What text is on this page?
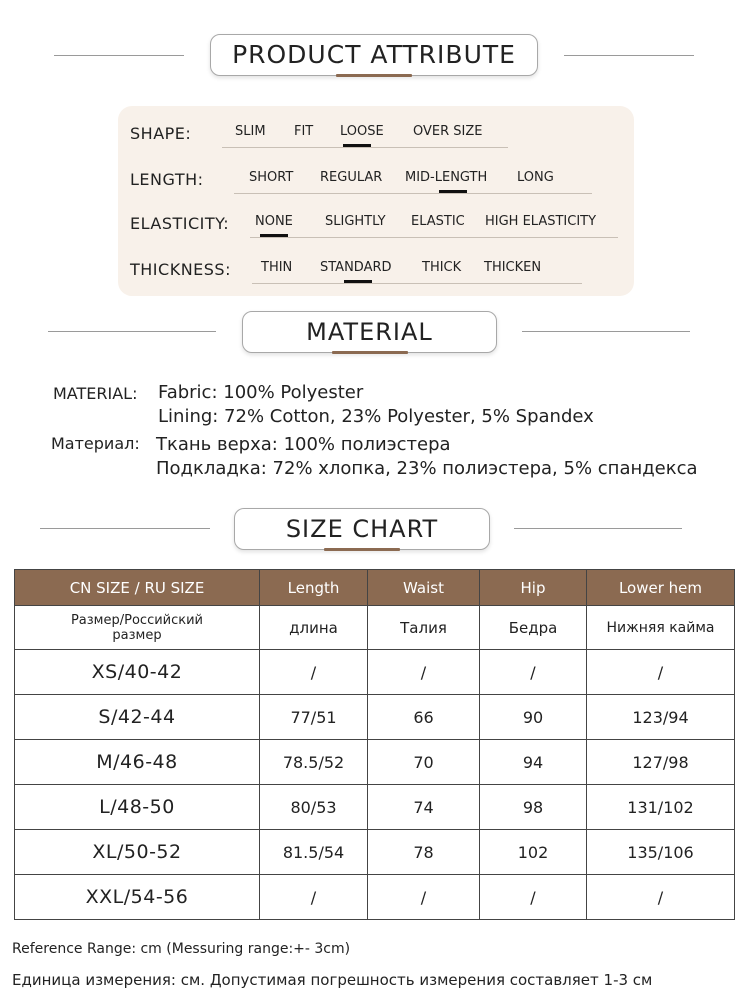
PRODUCT ATTRIBUTE
SHAPE:	SLIM FIT LOOSE OVER SIZE
LENGTH:	SHORT REGULAR MID-LENGTH LONG
ELASTICITY: NONE SLIGHTLY ELASTIC HIGH ELASTICITY
THICKNESS: THIN STANDARD THICK THICKEN
MATERIAL
MATERIAL: Fabric: 100% Polyester
Lining: 72% Cotton, 23% Polyester, 5% Spandex
Материал: Ткань верха: 100% полиэстера
Подкладка: 72% хлопка, 23% полиэстера, 5% спандекса
SIZE CHART
CN SIZE / RU SIZE	Length	Waist	Hip	Lower hem
Размер/Российский размер	длина	Талия	Бедра	Нижняя кайма
XS/40-42	/	/	/	/
S/42-44	77/51	66	90	123/94
M/46-48	78.5/52	70	94	127/98
L/48-50	80/53	74	98	131/102
XL/50-52	81.5/54	78	102	135/106
XXL/54-56	/	/	/	/
Reference Range: cm (Messuring range:+- 3cm)
Единица измерения: см. Допустимая погрешность измерения составляет 1-3 см
